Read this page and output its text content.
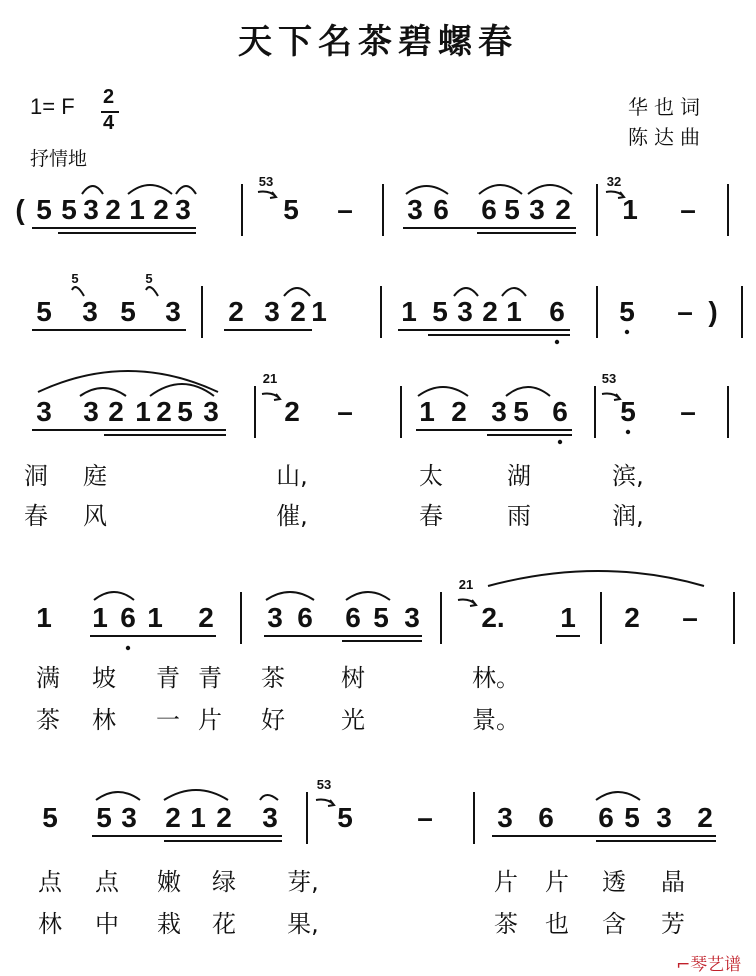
天下名茶碧螺春
1= F 2
4
抒情地
华也词
陈达曲
( 5 5 3 2 1 2 3	5 – 3 6 6 5 3 2 1 –
53	32
5 3 5 3 2 3 2 1	1 5 3 2 1 6 5 – )
5	5
3 3 2 1 2 5 3 2 – 1 2 3 5 6 5 –
21	53
1 1 6 1 2 3 6 6 5 3 2. 1 2 –
21
5 5 3 2 1 2 3 5 – 3 6 6 5 3 2
53
洞 庭	山,	太	湖	滨,
春 风	催,	春	雨	润,
满 坡 青 青 茶 树	林。
茶 林 一 片 好 光	景。
点 点 嫩 绿 芽,	片 片 透 晶
林 中 栽 花 果,	茶 也 含 芳
⌐琴艺谱
